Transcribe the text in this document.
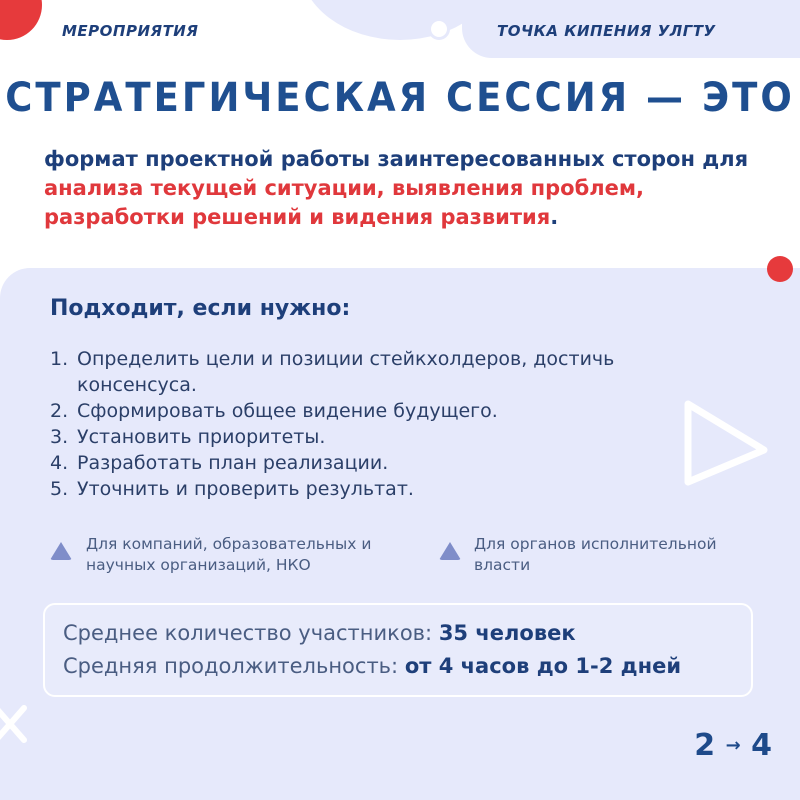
МЕРОПРИЯТИЯ	ТОЧКА КИПЕНИЯ УЛГТУ
СТРАТЕГИЧЕСКАЯ СЕССИЯ — ЭТО
формат проектной работы заинтересованных сторон для анализа текущей ситуации, выявления проблем, разработки решений и видения развития.
Подходит, если нужно:
1. Определить цели и позиции стейкхолдеров, достичь консенсуса.
2. Сформировать общее видение будущего.
3. Установить приоритеты.
4. Разработать план реализации.
5. Уточнить и проверить результат.
Для компаний, образовательных и научных организаций, НКО
Для органов исполнительной власти
Среднее количество участников: 35 человек
Средняя продолжительность: от 4 часов до 1-2 дней
2 → 4
